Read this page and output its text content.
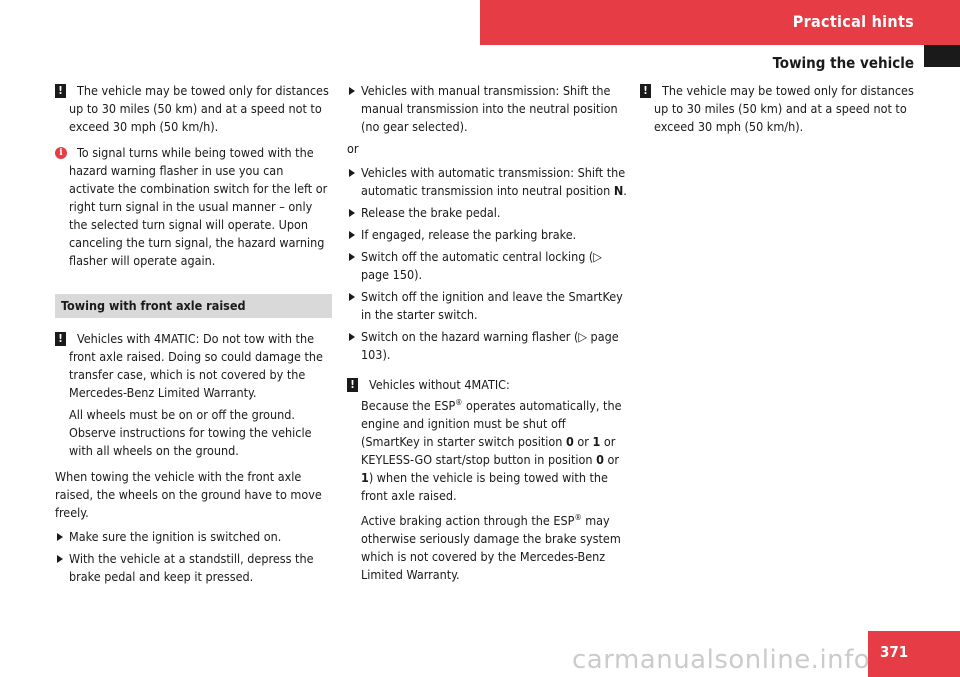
Practical hints
Towing the vehicle
!	The vehicle may be towed only for distances up to 30 miles (50 km) and at a speed not to exceed 30 mph (50 km/h).

i	To signal turns while being towed with the hazard warning flasher in use you can activate the combination switch for the left or right turn signal in the usual manner – only the selected turn signal will operate. Upon canceling the turn signal, the hazard warning flasher will operate again.

Towing with front axle raised
!	Vehicles with 4MATIC: Do not tow with the front axle raised. Doing so could damage the transfer case, which is not covered by the Mercedes-Benz Limited Warranty.

All wheels must be on or off the ground. Observe instructions for towing the vehicle with all wheels on the ground.

When towing the vehicle with the front axle raised, the wheels on the ground have to move freely.

Make sure the ignition is switched on.
With the vehicle at a standstill, depress the brake pedal and keep it pressed.
Vehicles with manual transmission: Shift the manual transmission into the neutral position (no gear selected).

or

Vehicles with automatic transmission: Shift the automatic transmission into neutral position N.
Release the brake pedal.
If engaged, release the parking brake.
Switch off the automatic central locking (▷ page 150).
Switch off the ignition and leave the SmartKey in the starter switch.
Switch on the hazard warning flasher (▷ page 103).
!	Vehicles without 4MATIC:

Because the ESP® operates automatically, the engine and ignition must be shut off (SmartKey in starter switch position 0 or 1 or KEYLESS-GO start/stop button in position 0 or 1) when the vehicle is being towed with the front axle raised.

Active braking action through the ESP® may otherwise seriously damage the brake system which is not covered by the Mercedes-Benz Limited Warranty.

!	The vehicle may be towed only for distances up to 30 miles (50 km) and at a speed not to exceed 30 mph (50 km/h).

carmanualsonline.info 371
